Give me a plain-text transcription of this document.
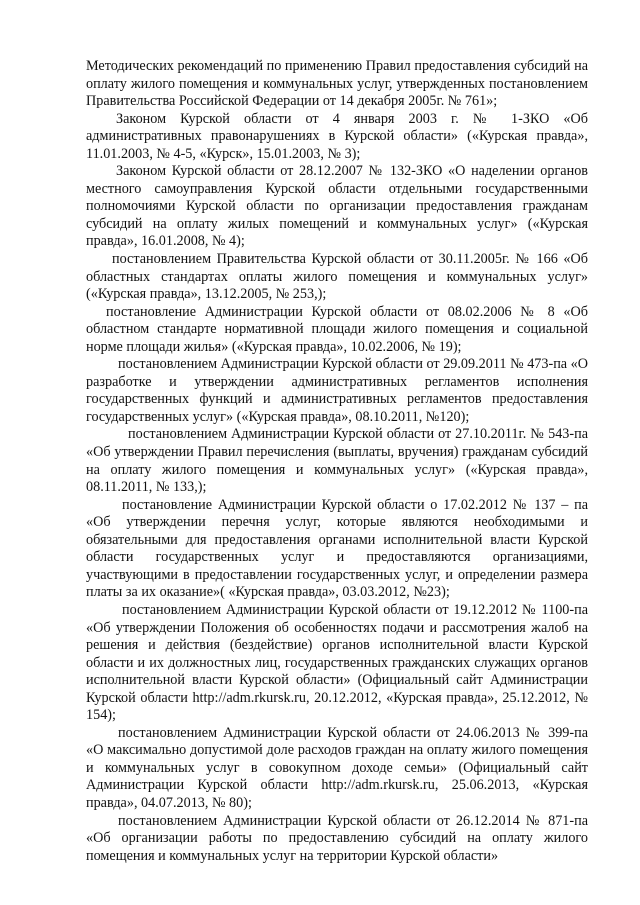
Методических рекомендаций по применению Правил предоставления субсидий на оплату жилого помещения и коммунальных услуг, утвержденных постановлением Правительства Российской Федерации от 14 декабря 2005г. № 761»;

Законом Курской области от 4 января 2003 г. № 1-ЗКО «Об административных правонарушениях в Курской области» («Курская правда», 11.01.2003, № 4-5, «Курск», 15.01.2003, № 3);

Законом Курской области от 28.12.2007 № 132-ЗКО «О наделении органов местного самоуправления Курской области отдельными государственными полномочиями Курской области по организации предоставления гражданам субсидий на оплату жилых помещений и коммунальных услуг» («Курская правда», 16.01.2008, № 4);

постановлением Правительства Курской области от 30.11.2005г. № 166 «Об областных стандартах оплаты жилого помещения и коммунальных услуг» («Курская правда», 13.12.2005, № 253,);

постановление Администрации Курской области от 08.02.2006 № 8 «Об областном стандарте нормативной площади жилого помещения и социальной норме площади жилья» («Курская правда», 10.02.2006, № 19);

постановлением Администрации Курской области от 29.09.2011 № 473-па «О разработке и утверждении административных регламентов исполнения государственных функций и административных регламентов предоставления государственных услуг» («Курская правда», 08.10.2011, №120);

постановлением Администрации Курской области от 27.10.2011г. № 543-па «Об утверждении Правил перечисления (выплаты, вручения) гражданам субсидий на оплату жилого помещения и коммунальных услуг» («Курская правда», 08.11.2011, № 133,);

постановление Администрации Курской области о 17.02.2012 № 137 – па «Об утверждении перечня услуг, которые являются необходимыми и обязательными для предоставления органами исполнительной власти Курской области государственных услуг и предоставляются организациями, участвующими в предоставлении государственных услуг, и определении размера платы за их оказание»( «Курская правда», 03.03.2012, №23);

постановлением Администрации Курской области от 19.12.2012 № 1100-па «Об утверждении Положения об особенностях подачи и рассмотрения жалоб на решения и действия (бездействие) органов исполнительной власти Курской области и их должностных лиц, государственных гражданских служащих органов исполнительной власти Курской области» (Официальный сайт Администрации Курской области http://adm.rkursk.ru, 20.12.2012, «Курская правда», 25.12.2012, № 154);

постановлением Администрации Курской области от 24.06.2013 № 399-па «О максимально допустимой доле расходов граждан на оплату жилого помещения и коммунальных услуг в совокупном доходе семьи» (Официальный сайт Администрации Курской области http://adm.rkursk.ru, 25.06.2013, «Курская правда», 04.07.2013, № 80);

постановлением Администрации Курской области от 26.12.2014 № 871-па «Об организации работы по предоставлению субсидий на оплату жилого помещения и коммунальных услуг на территории Курской области»
